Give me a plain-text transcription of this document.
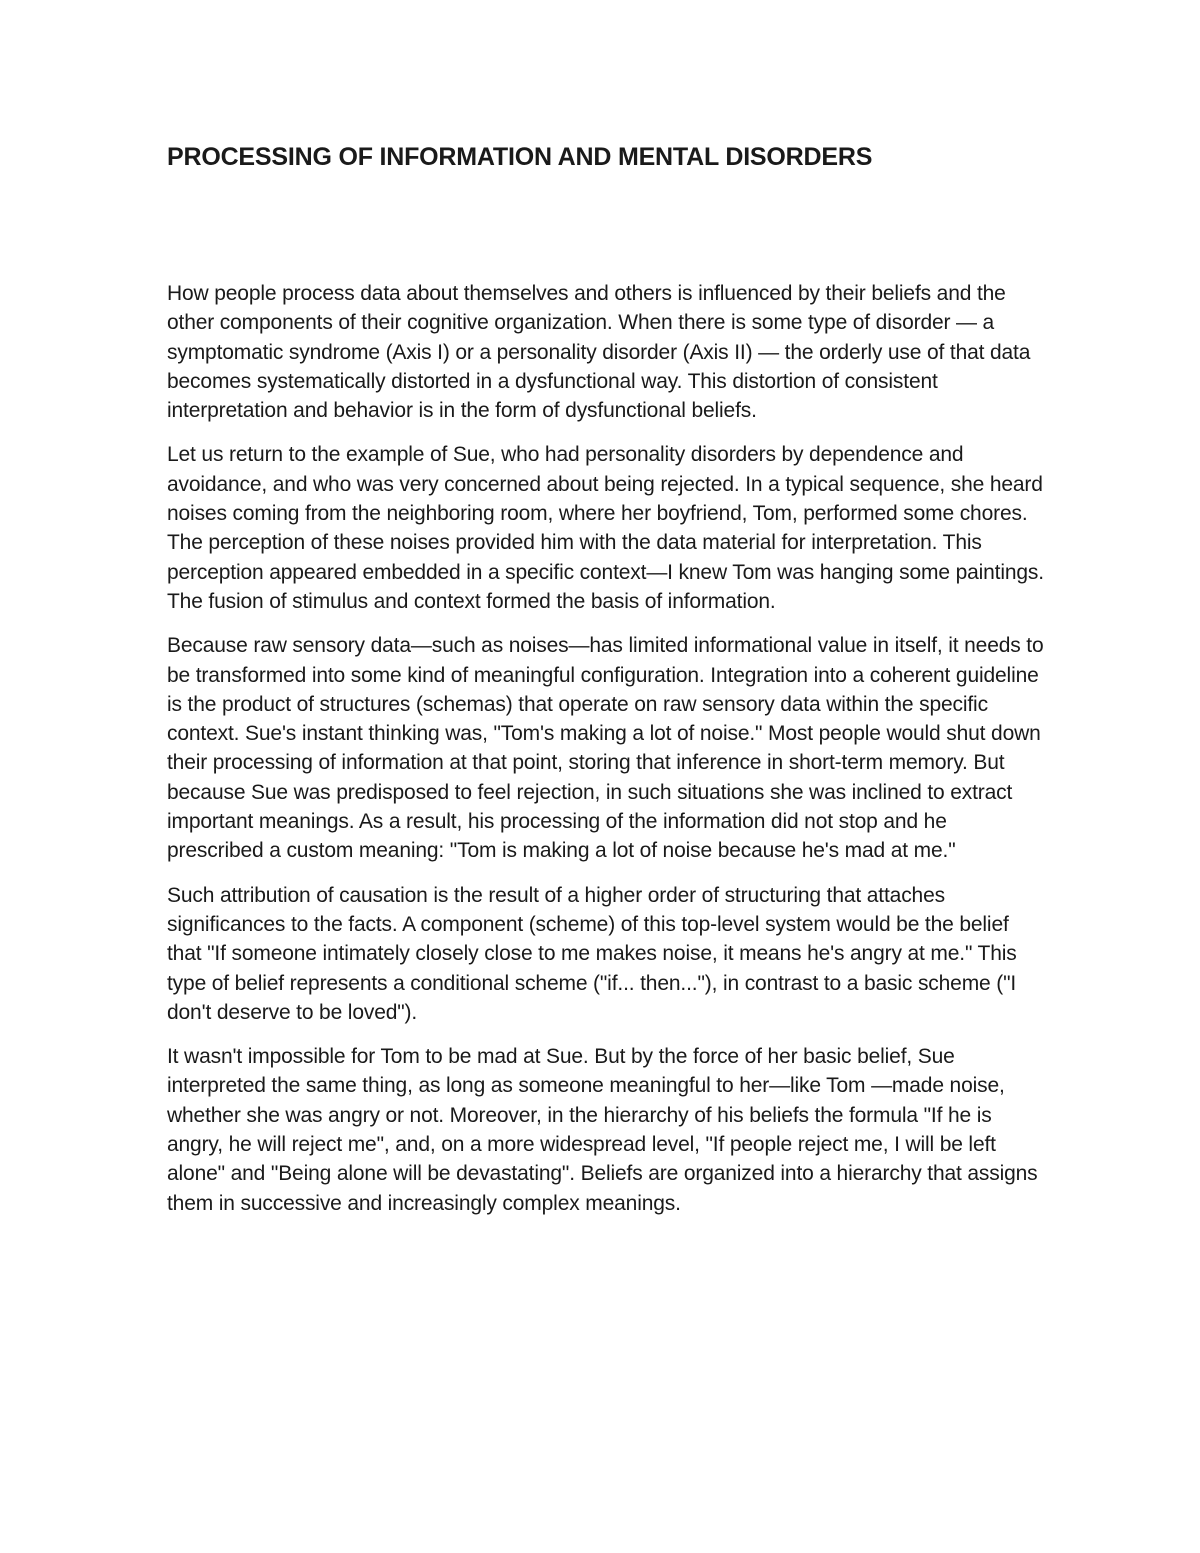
PROCESSING OF INFORMATION AND MENTAL DISORDERS

How people process data about themselves and others is influenced by their beliefs and the other components of their cognitive organization. When there is some type of disorder — a symptomatic syndrome (Axis I) or a personality disorder (Axis II) — the orderly use of that data becomes systematically distorted in a dysfunctional way. This distortion of consistent interpretation and behavior is in the form of dysfunctional beliefs.

Let us return to the example of Sue, who had personality disorders by dependence and avoidance, and who was very concerned about being rejected. In a typical sequence, she heard noises coming from the neighboring room, where her boyfriend, Tom, performed some chores. The perception of these noises provided him with the data material for interpretation. This perception appeared embedded in a specific context—I knew Tom was hanging some paintings. The fusion of stimulus and context formed the basis of information.

Because raw sensory data—such as noises—has limited informational value in itself, it needs to be transformed into some kind of meaningful configuration. Integration into a coherent guideline is the product of structures (schemas) that operate on raw sensory data within the specific context. Sue's instant thinking was, "Tom's making a lot of noise." Most people would shut down their processing of information at that point, storing that inference in short-term memory. But because Sue was predisposed to feel rejection, in such situations she was inclined to extract important meanings. As a result, his processing of the information did not stop and he prescribed a custom meaning: "Tom is making a lot of noise because he's mad at me."

Such attribution of causation is the result of a higher order of structuring that attaches significances to the facts. A component (scheme) of this top-level system would be the belief that "If someone intimately closely close to me makes noise, it means he's angry at me." This type of belief represents a conditional scheme ("if... then..."), in contrast to a basic scheme ("I don't deserve to be loved").

It wasn't impossible for Tom to be mad at Sue. But by the force of her basic belief, Sue interpreted the same thing, as long as someone meaningful to her—like Tom —made noise, whether she was angry or not. Moreover, in the hierarchy of his beliefs the formula "If he is angry, he will reject me", and, on a more widespread level, "If people reject me, I will be left alone" and "Being alone will be devastating". Beliefs are organized into a hierarchy that assigns them in successive and increasingly complex meanings.
